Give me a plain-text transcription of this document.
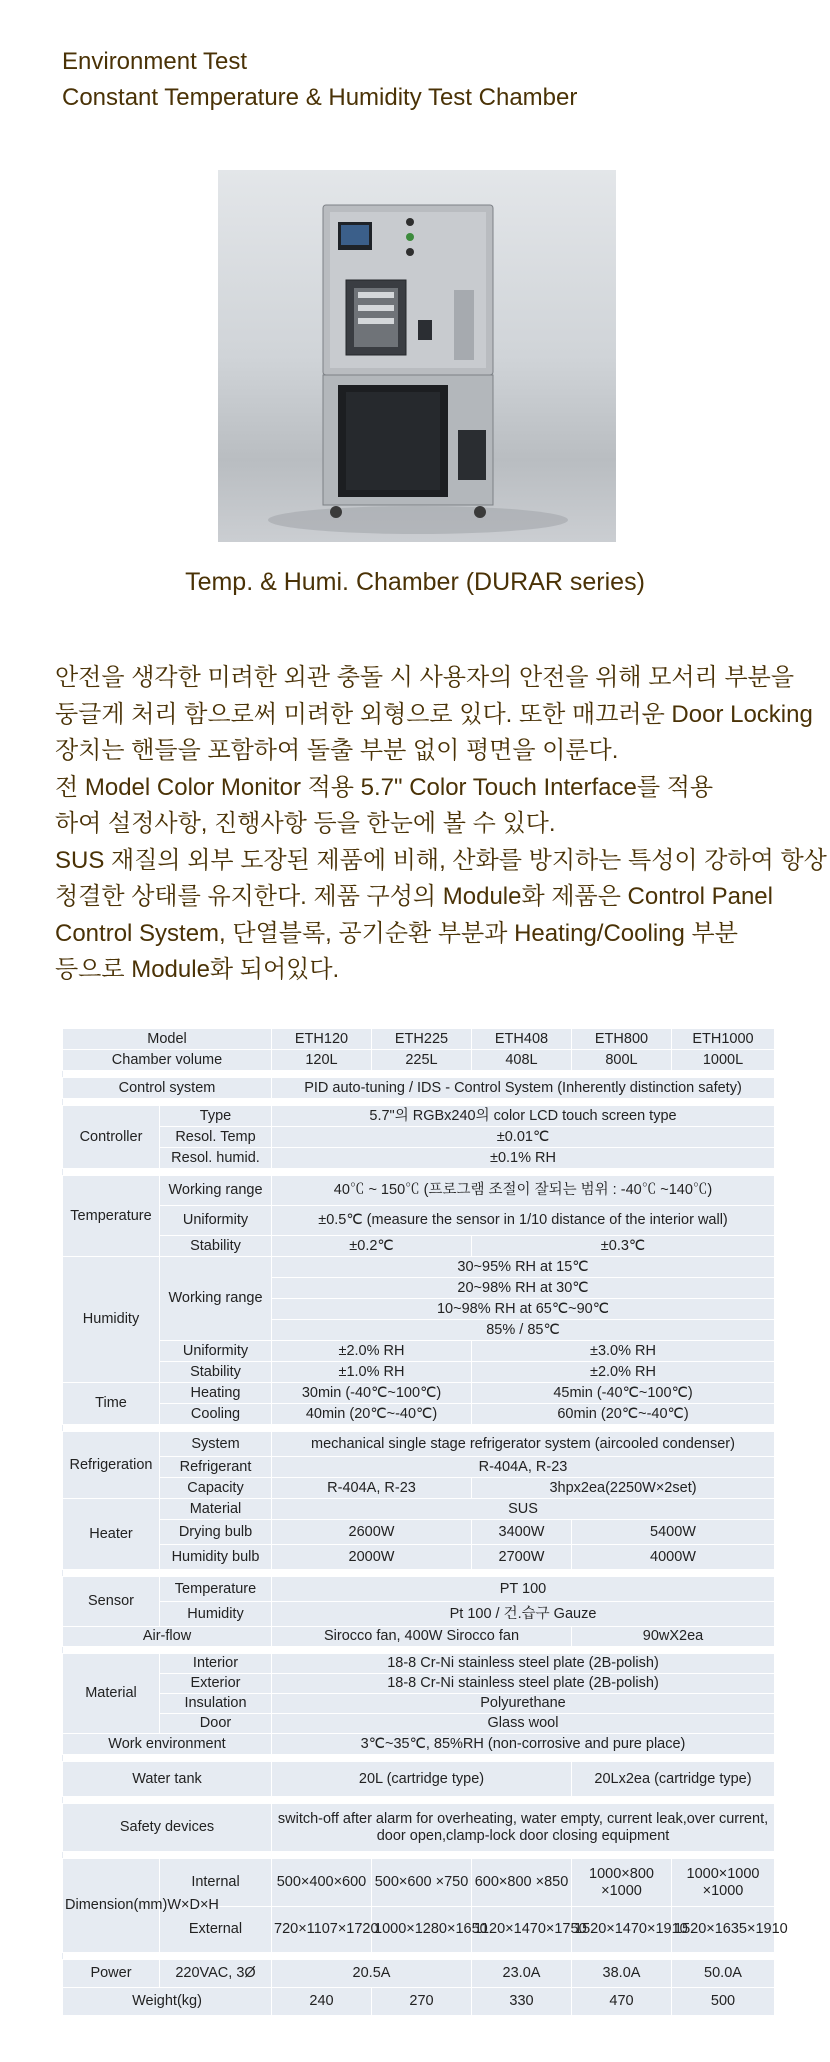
Environment Test
Constant Temperature & Humidity Test Chamber
Temp. & Humi. Chamber (DURAR series)
안전을 생각한 미려한 외관 충돌 시 사용자의 안전을 위해 모서리 부분을
둥글게 처리 함으로써 미려한 외형으로 있다. 또한 매끄러운 Door Locking
장치는 핸들을 포함하여 돌출 부분 없이 평면을 이룬다.
전 Model Color Monitor 적용 5.7" Color Touch Interface를 적용
하여 설정사항, 진행사항 등을 한눈에 볼 수 있다.
SUS 재질의 외부 도장된 제품에 비해, 산화를 방지하는 특성이 강하여 항상
청결한 상태를 유지한다. 제품 구성의 Module화 제품은 Control Panel
Control System, 단열블록, 공기순환 부분과 Heating/Cooling 부분
등으로 Module화 되어있다.
Model		ETH120	ETH225	ETH408	ETH800	ETH1000
Chamber volume		120L	225L	408L	800L	1000L

Control system		PID auto-tuning / IDS - Control System (Inherently distinction safety)				

Controller	Type	5.7"의 RGBx240의 color LCD touch screen type				
	Resol. Temp	±0.01℃				
	Resol. humid.	±0.1% RH				

Temperature	Working range	40℃ ~ 150℃ (프로그램 조절이 잘되는 범위 : -40℃ ~140℃)				
	Uniformity	±0.5℃ (measure the sensor in 1/10 distance of the interior wall)				
	Stability	±0.2℃		±0.3℃		
Humidity	Working range	30~95% RH at 15℃				
		20~98% RH at 30℃				
		10~98% RH at 65℃~90℃				
		85% / 85℃				
	Uniformity	±2.0% RH		±3.0% RH		
	Stability	±1.0% RH		±2.0% RH		
Time	Heating	30min (-40℃~100℃)		45min (-40℃~100℃)		
	Cooling	40min (20℃~-40℃)		60min (20℃~-40℃)		

Refrigeration	System	mechanical single stage refrigerator system (aircooled condenser)				
	Refrigerant	R-404A, R-23				
	Capacity	R-404A, R-23		3hpx2ea(2250W×2set)		
Heater	Material	SUS				
	Drying bulb	2600W		3400W	5400W	
	Humidity bulb	2000W		2700W	4000W	

Sensor	Temperature	PT 100				
	Humidity	Pt 100 / 건.습구 Gauze				
Air-flow		Sirocco fan, 400W Sirocco fan			90wX2ea	

Material	Interior	18-8 Cr-Ni stainless steel plate (2B-polish)				
	Exterior	18-8 Cr-Ni stainless steel plate (2B-polish)				
	Insulation	Polyurethane				
	Door	Glass wool				
Work environment		3℃~35℃, 85%RH (non-corrosive and pure place)				

Water tank		20L (cartridge type)			20Lx2ea (cartridge type)	

Safety devices		switch-off after alarm for overheating, water empty, current leak,over current, door open,clamp-lock door closing equipment				

Dimension(mm)W×D×H	Internal	500×400×600	500×600 ×750	600×800 ×850	1000×800 ×1000	1000×1000 ×1000
	External	720×1107×1720	1000×1280×1650	1120×1470×1750	1520×1470×1910	1520×1635×1910

Power	220VAC, 3Ø	20.5A		23.0A	38.0A	50.0A
Weight(kg)		240	270	330	470	500
